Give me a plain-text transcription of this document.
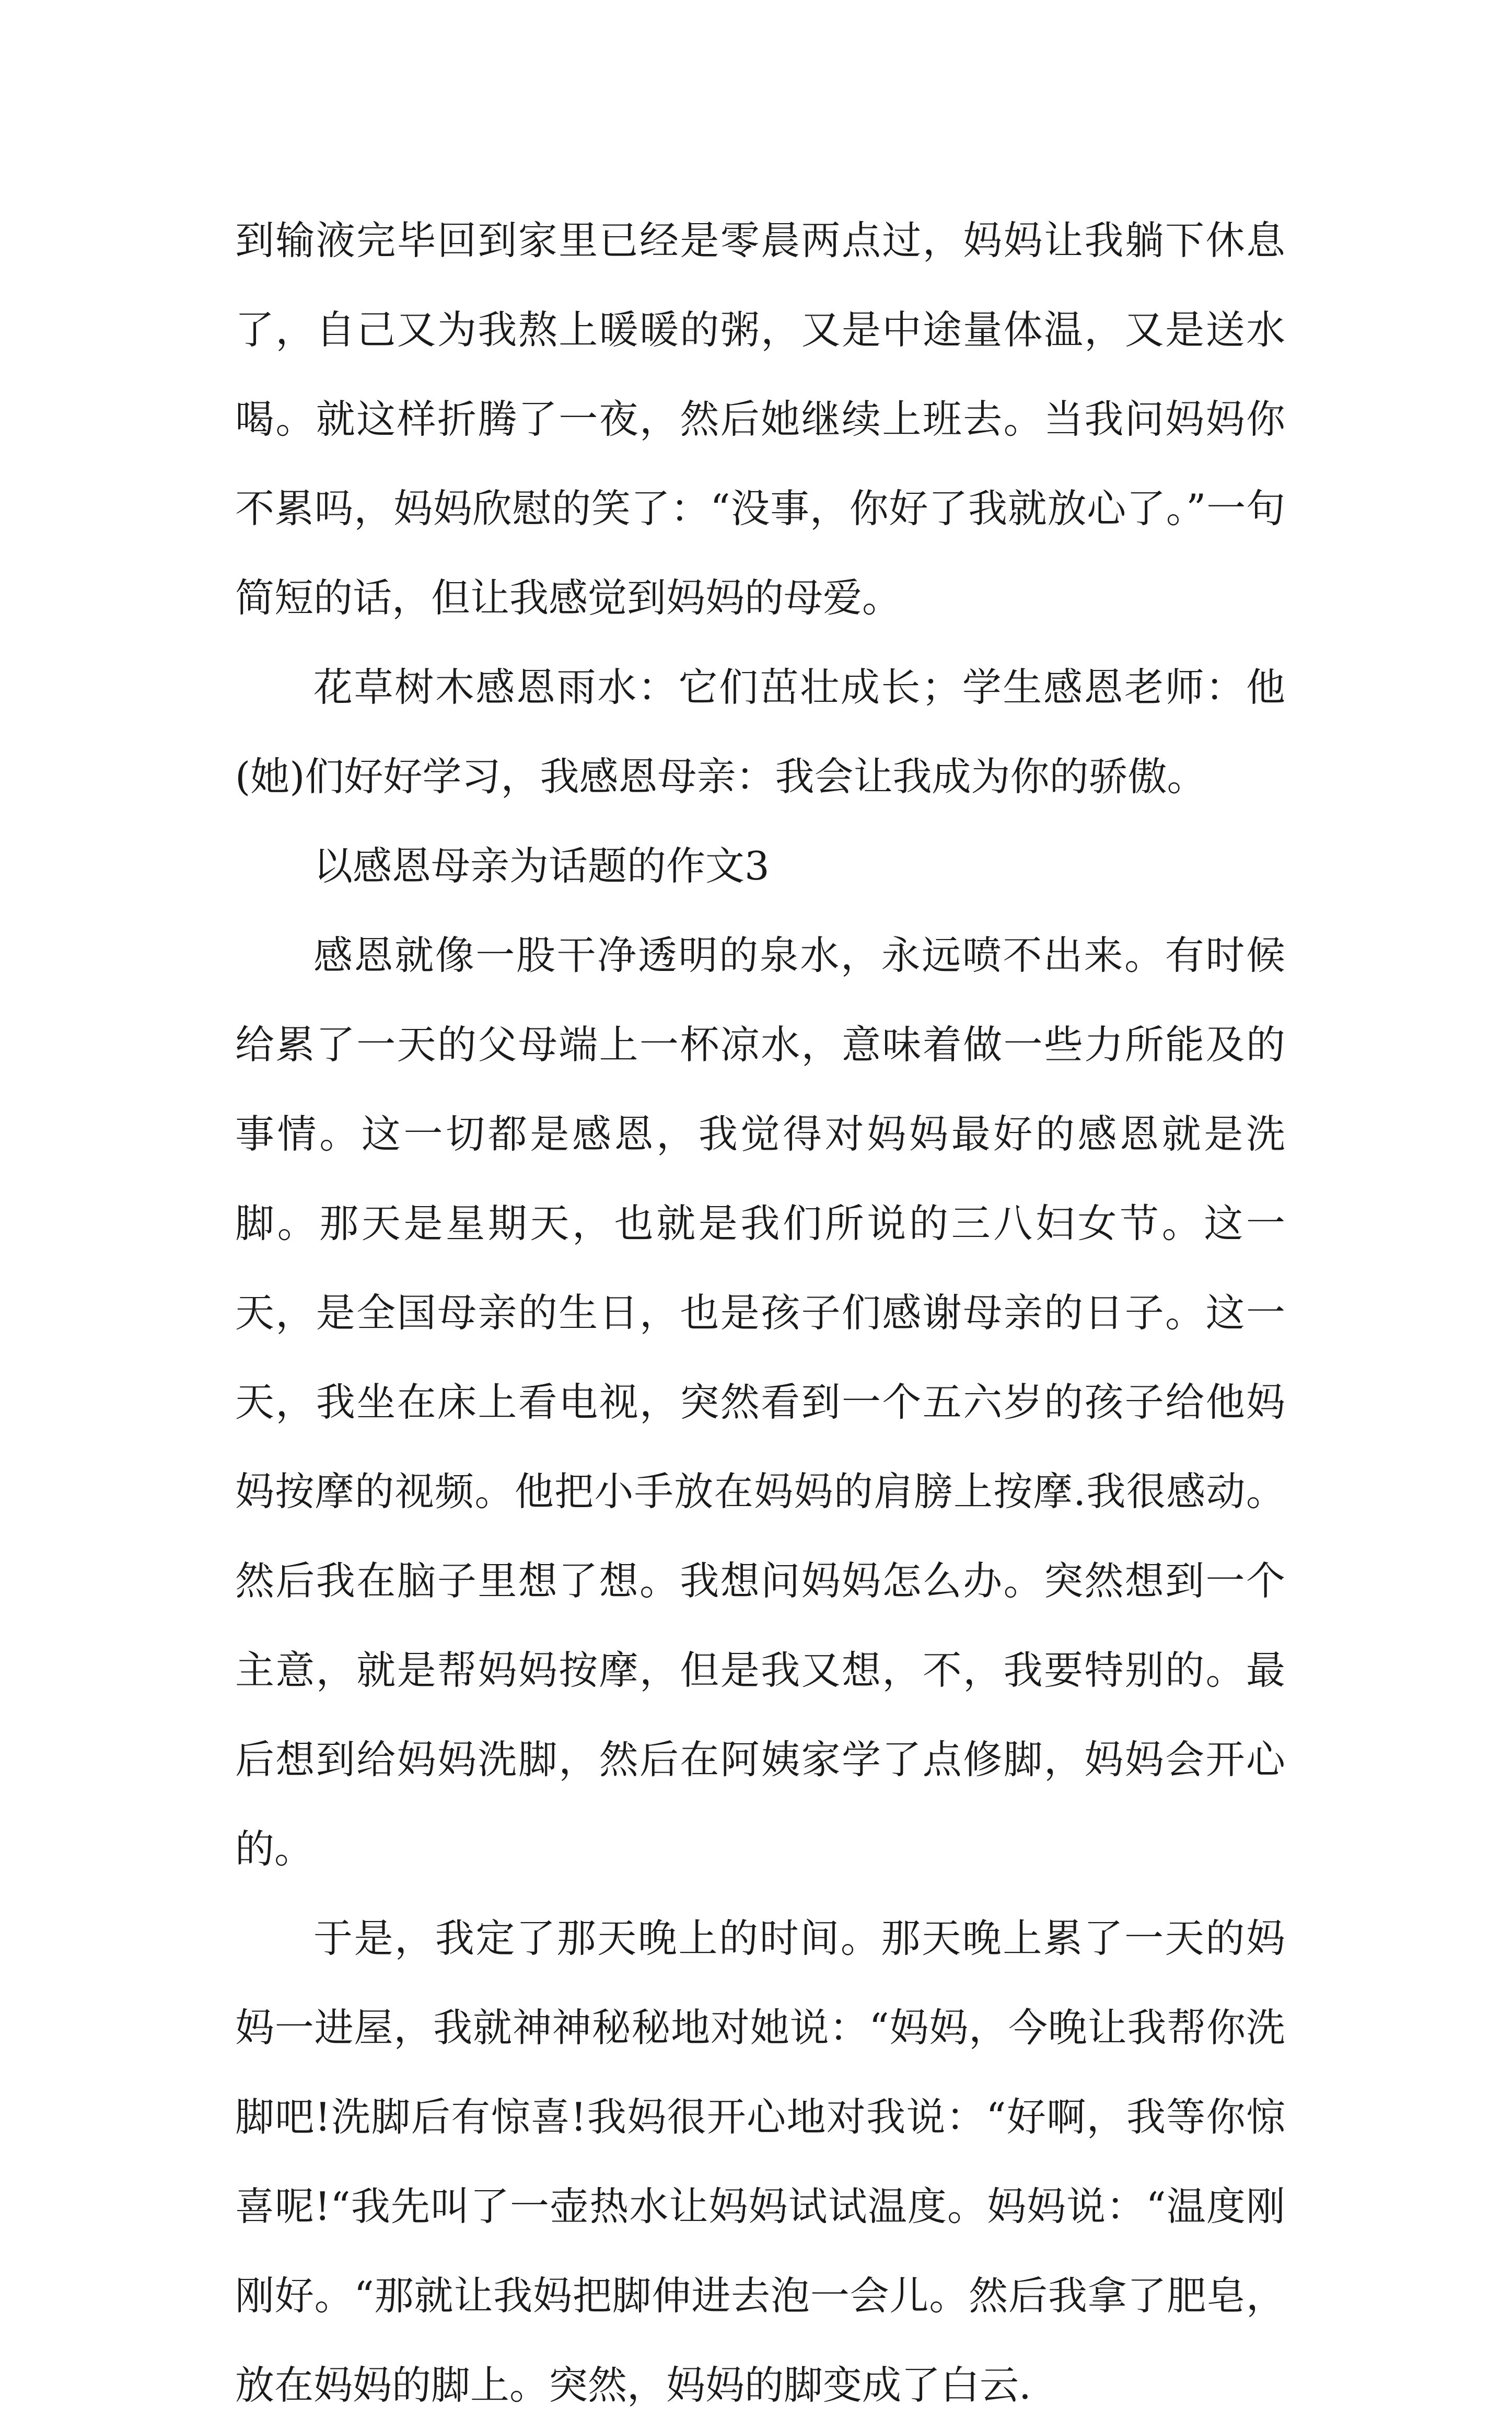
到输液完毕回到家里已经是零晨两点过，妈妈让我躺下休息了，自己又为我熬上暖暖的粥，又是中途量体温，又是送水喝。就这样折腾了一夜，然后她继续上班去。当我问妈妈你不累吗，妈妈欣慰的笑了：“没事，你好了我就放心了。”一句简短的话，但让我感觉到妈妈的母爱。

花草树木感恩雨水：它们茁壮成长；学生感恩老师：他(她)们好好学习，我感恩母亲：我会让我成为你的骄傲。

以感恩母亲为话题的作文3

感恩就像一股干净透明的泉水，永远喷不出来。有时候给累了一天的父母端上一杯凉水，意味着做一些力所能及的事情。这一切都是感恩，我觉得对妈妈最好的感恩就是洗脚。那天是星期天，也就是我们所说的三八妇女节。这一天，是全国母亲的生日，也是孩子们感谢母亲的日子。这一天，我坐在床上看电视，突然看到一个五六岁的孩子给他妈妈按摩的视频。他把小手放在妈妈的肩膀上按摩.我很感动。然后我在脑子里想了想。我想问妈妈怎么办。突然想到一个主意，就是帮妈妈按摩，但是我又想，不，我要特别的。最后想到给妈妈洗脚，然后在阿姨家学了点修脚，妈妈会开心的。

于是，我定了那天晚上的时间。那天晚上累了一天的妈妈一进屋，我就神神秘秘地对她说：“妈妈，今晚让我帮你洗脚吧!洗脚后有惊喜!我妈很开心地对我说：“好啊，我等你惊喜呢!“我先叫了一壶热水让妈妈试试温度。妈妈说：“温度刚刚好。“那就让我妈把脚伸进去泡一会儿。然后我拿了肥皂，放在妈妈的脚上。突然，妈妈的脚变成了白云.
